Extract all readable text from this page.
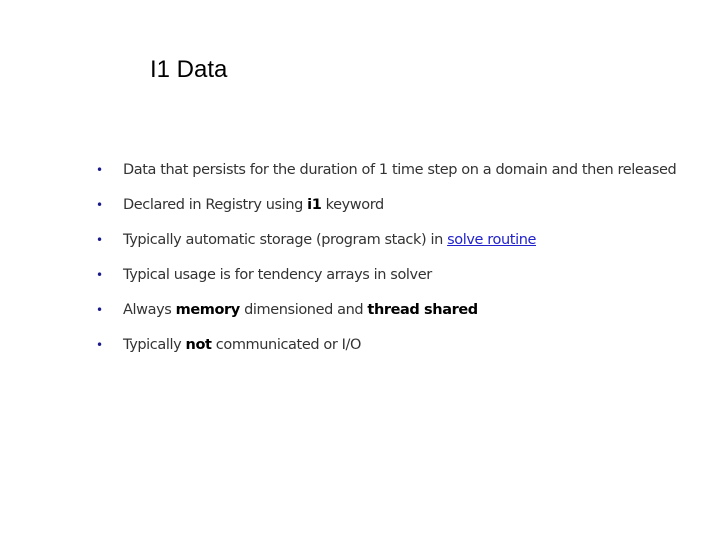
I1 Data
•	Data that persists for the duration of 1 time step on a domain and then released
•	Declared in Registry using i1 keyword
•	Typically automatic storage (program stack) in solve routine
•	Typical usage is for tendency arrays in solver
•	Always memory dimensioned and thread shared
•	Typically not communicated or I/O
